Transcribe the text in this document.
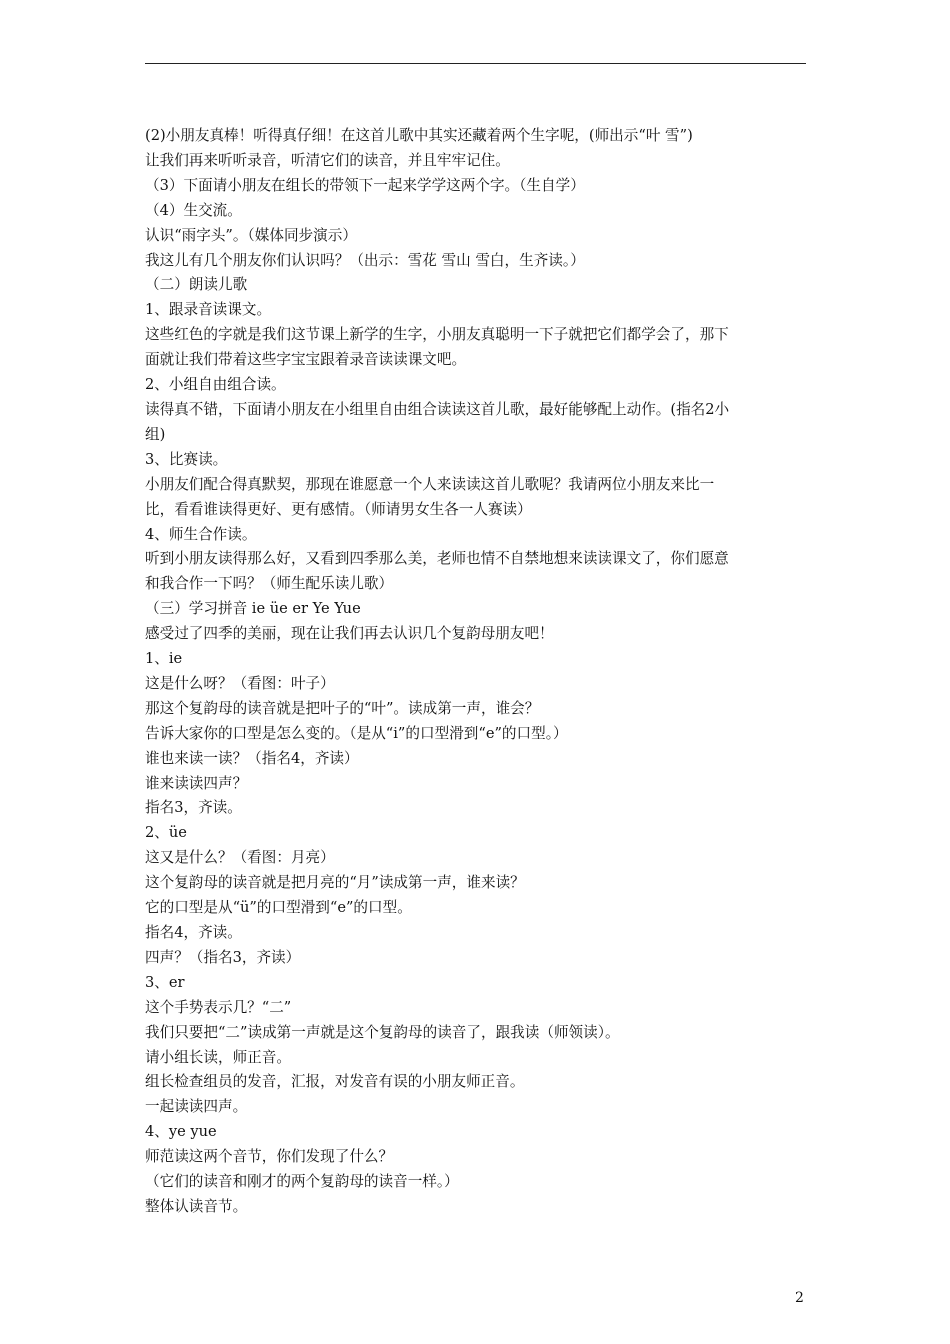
(2)小朋友真棒！听得真仔细！在这首儿歌中其实还藏着两个生字呢，(师出示“叶 雪”)
让我们再来听听录音，听清它们的读音，并且牢牢记住。
（3）下面请小朋友在组长的带领下一起来学学这两个字。（生自学）
（4）生交流。
认识“雨字头”。（媒体同步演示）
我这儿有几个朋友你们认识吗？（出示：雪花 雪山 雪白，生齐读。）
（二）朗读儿歌
1、跟录音读课文。
这些红色的字就是我们这节课上新学的生字，小朋友真聪明一下子就把它们都学会了，那下
面就让我们带着这些字宝宝跟着录音读读课文吧。
2、小组自由组合读。
读得真不错，下面请小朋友在小组里自由组合读读这首儿歌，最好能够配上动作。(指名2小
组)
3、比赛读。
小朋友们配合得真默契，那现在谁愿意一个人来读读这首儿歌呢？我请两位小朋友来比一
比，看看谁读得更好、更有感情。（师请男女生各一人赛读）
4、师生合作读。
听到小朋友读得那么好，又看到四季那么美，老师也情不自禁地想来读读课文了，你们愿意
和我合作一下吗？（师生配乐读儿歌）
（三）学习拼音 ie üe er Ye Yue
感受过了四季的美丽，现在让我们再去认识几个复韵母朋友吧！
1、ie
这是什么呀？（看图：叶子）
那这个复韵母的读音就是把叶子的“叶”。读成第一声，谁会？
告诉大家你的口型是怎么变的。（是从“i”的口型滑到“e”的口型。）
谁也来读一读？（指名4，齐读）
谁来读读四声？
指名3，齐读。
2、üe
这又是什么？（看图：月亮）
这个复韵母的读音就是把月亮的“月”读成第一声，谁来读？
它的口型是从“ü”的口型滑到“e”的口型。
指名4，齐读。
四声？（指名3，齐读）
3、er
这个手势表示几？“二”
我们只要把“二”读成第一声就是这个复韵母的读音了，跟我读（师领读）。
请小组长读，师正音。
组长检查组员的发音，汇报，对发音有误的小朋友师正音。
一起读读四声。
4、ye yue
师范读这两个音节，你们发现了什么？
（它们的读音和刚才的两个复韵母的读音一样。）
整体认读音节。
2
